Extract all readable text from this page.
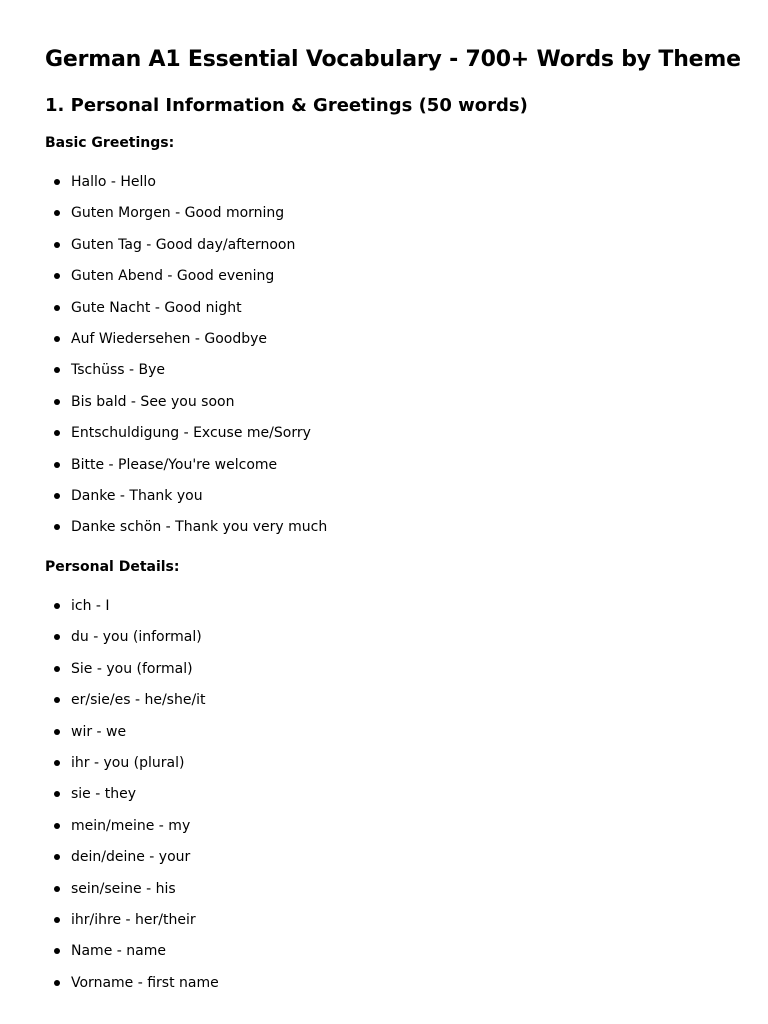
German A1 Essential Vocabulary - 700+ Words by Theme
1. Personal Information & Greetings (50 words)

Basic Greetings:

Hallo - Hello
Guten Morgen - Good morning
Guten Tag - Good day/afternoon
Guten Abend - Good evening
Gute Nacht - Good night
Auf Wiedersehen - Goodbye
Tschüss - Bye
Bis bald - See you soon
Entschuldigung - Excuse me/Sorry
Bitte - Please/You're welcome
Danke - Thank you
Danke schön - Thank you very much

Personal Details:

ich - I
du - you (informal)
Sie - you (formal)
er/sie/es - he/she/it
wir - we
ihr - you (plural)
sie - they
mein/meine - my
dein/deine - your
sein/seine - his
ihr/ihre - her/their
Name - name
Vorname - first name
